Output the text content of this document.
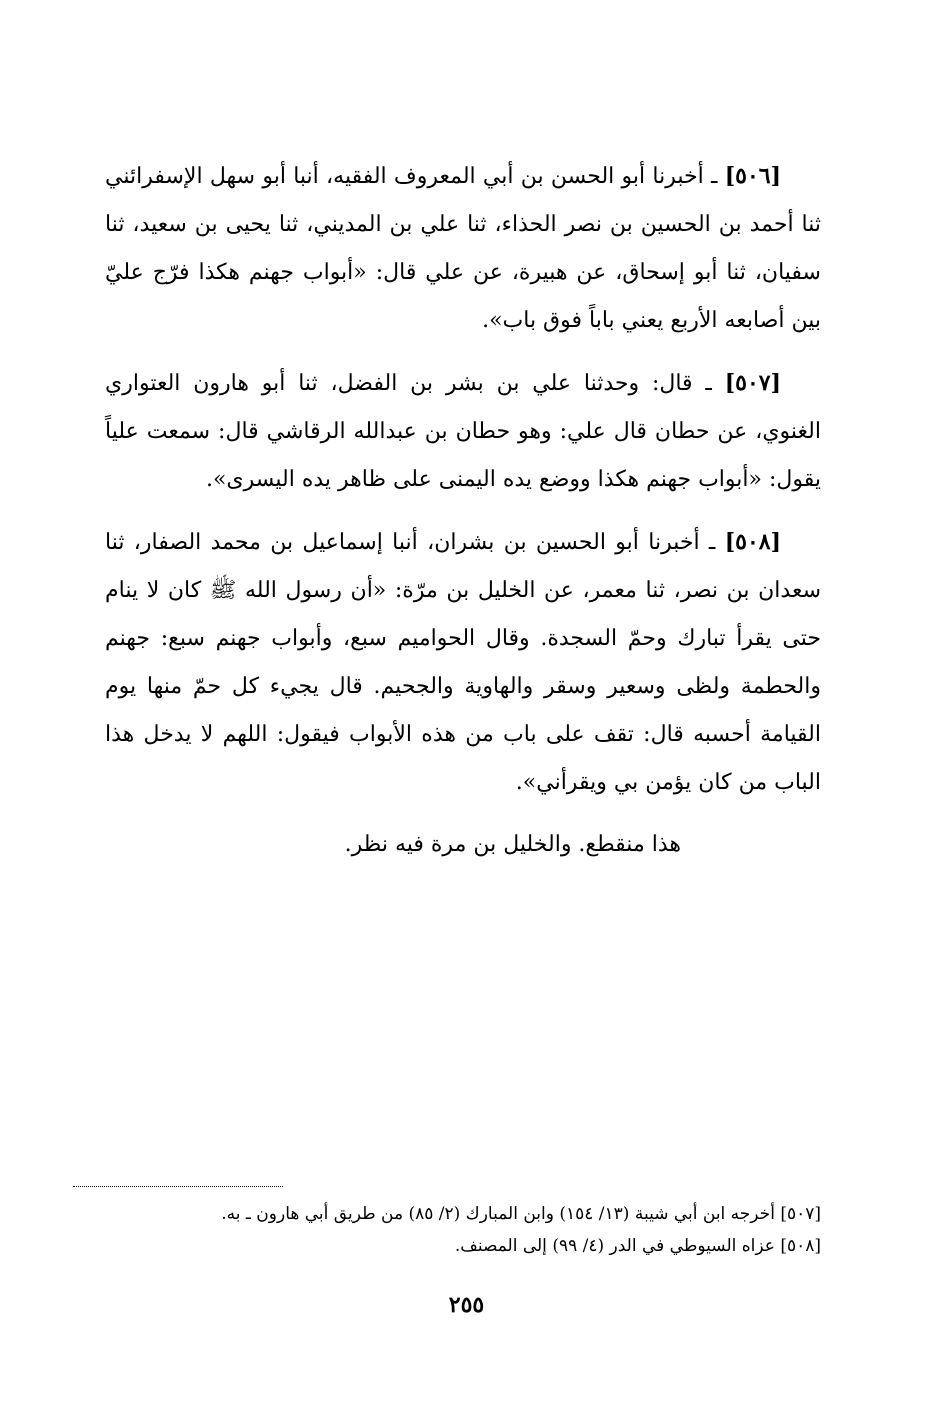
[٥٠٦] ـ أخبرنا أبو الحسن بن أبي المعروف الفقيه، أنبا أبو سهل الإسفرائني ثنا أحمد بن الحسين بن نصر الحذاء، ثنا علي بن المديني، ثنا يحيى بن سعيد، ثنا سفيان، ثنا أبو إسحاق، عن هبيرة، عن علي قال: «أبواب جهنم هكذا فرّج عليّ بين أصابعه الأربع يعني باباً فوق باب».

[٥٠٧] ـ قال: وحدثنا علي بن بشر بن الفضل، ثنا أبو هارون العتواري الغنوي، عن حطان قال علي: وهو حطان بن عبدالله الرقاشي قال: سمعت علياً يقول: «أبواب جهنم هكذا ووضع يده اليمنى على ظاهر يده اليسرى».

[٥٠٨] ـ أخبرنا أبو الحسين بن بشران، أنبا إسماعيل بن محمد الصفار، ثنا سعدان بن نصر، ثنا معمر، عن الخليل بن مرّة: «أن رسول الله ﷺ كان لا ينام حتى يقرأ تبارك وحمّ السجدة. وقال الحواميم سبع، وأبواب جهنم سبع: جهنم والحطمة ولظى وسعير وسقر والهاوية والجحيم. قال يجيء كل حمّ منها يوم القيامة أحسبه قال: تقف على باب من هذه الأبواب فيقول: اللهم لا يدخل هذا الباب من كان يؤمن بي ويقرأني».

هذا منقطع. والخليل بن مرة فيه نظر.

[٥٠٧] أخرجه ابن أبي شيبة (١٣/ ١٥٤) وابن المبارك (٢/ ٨٥) من طريق أبي هارون ـ به.

[٥٠٨] عزاه السيوطي في الدر (٤/ ٩٩) إلى المصنف.

٢٥٥
